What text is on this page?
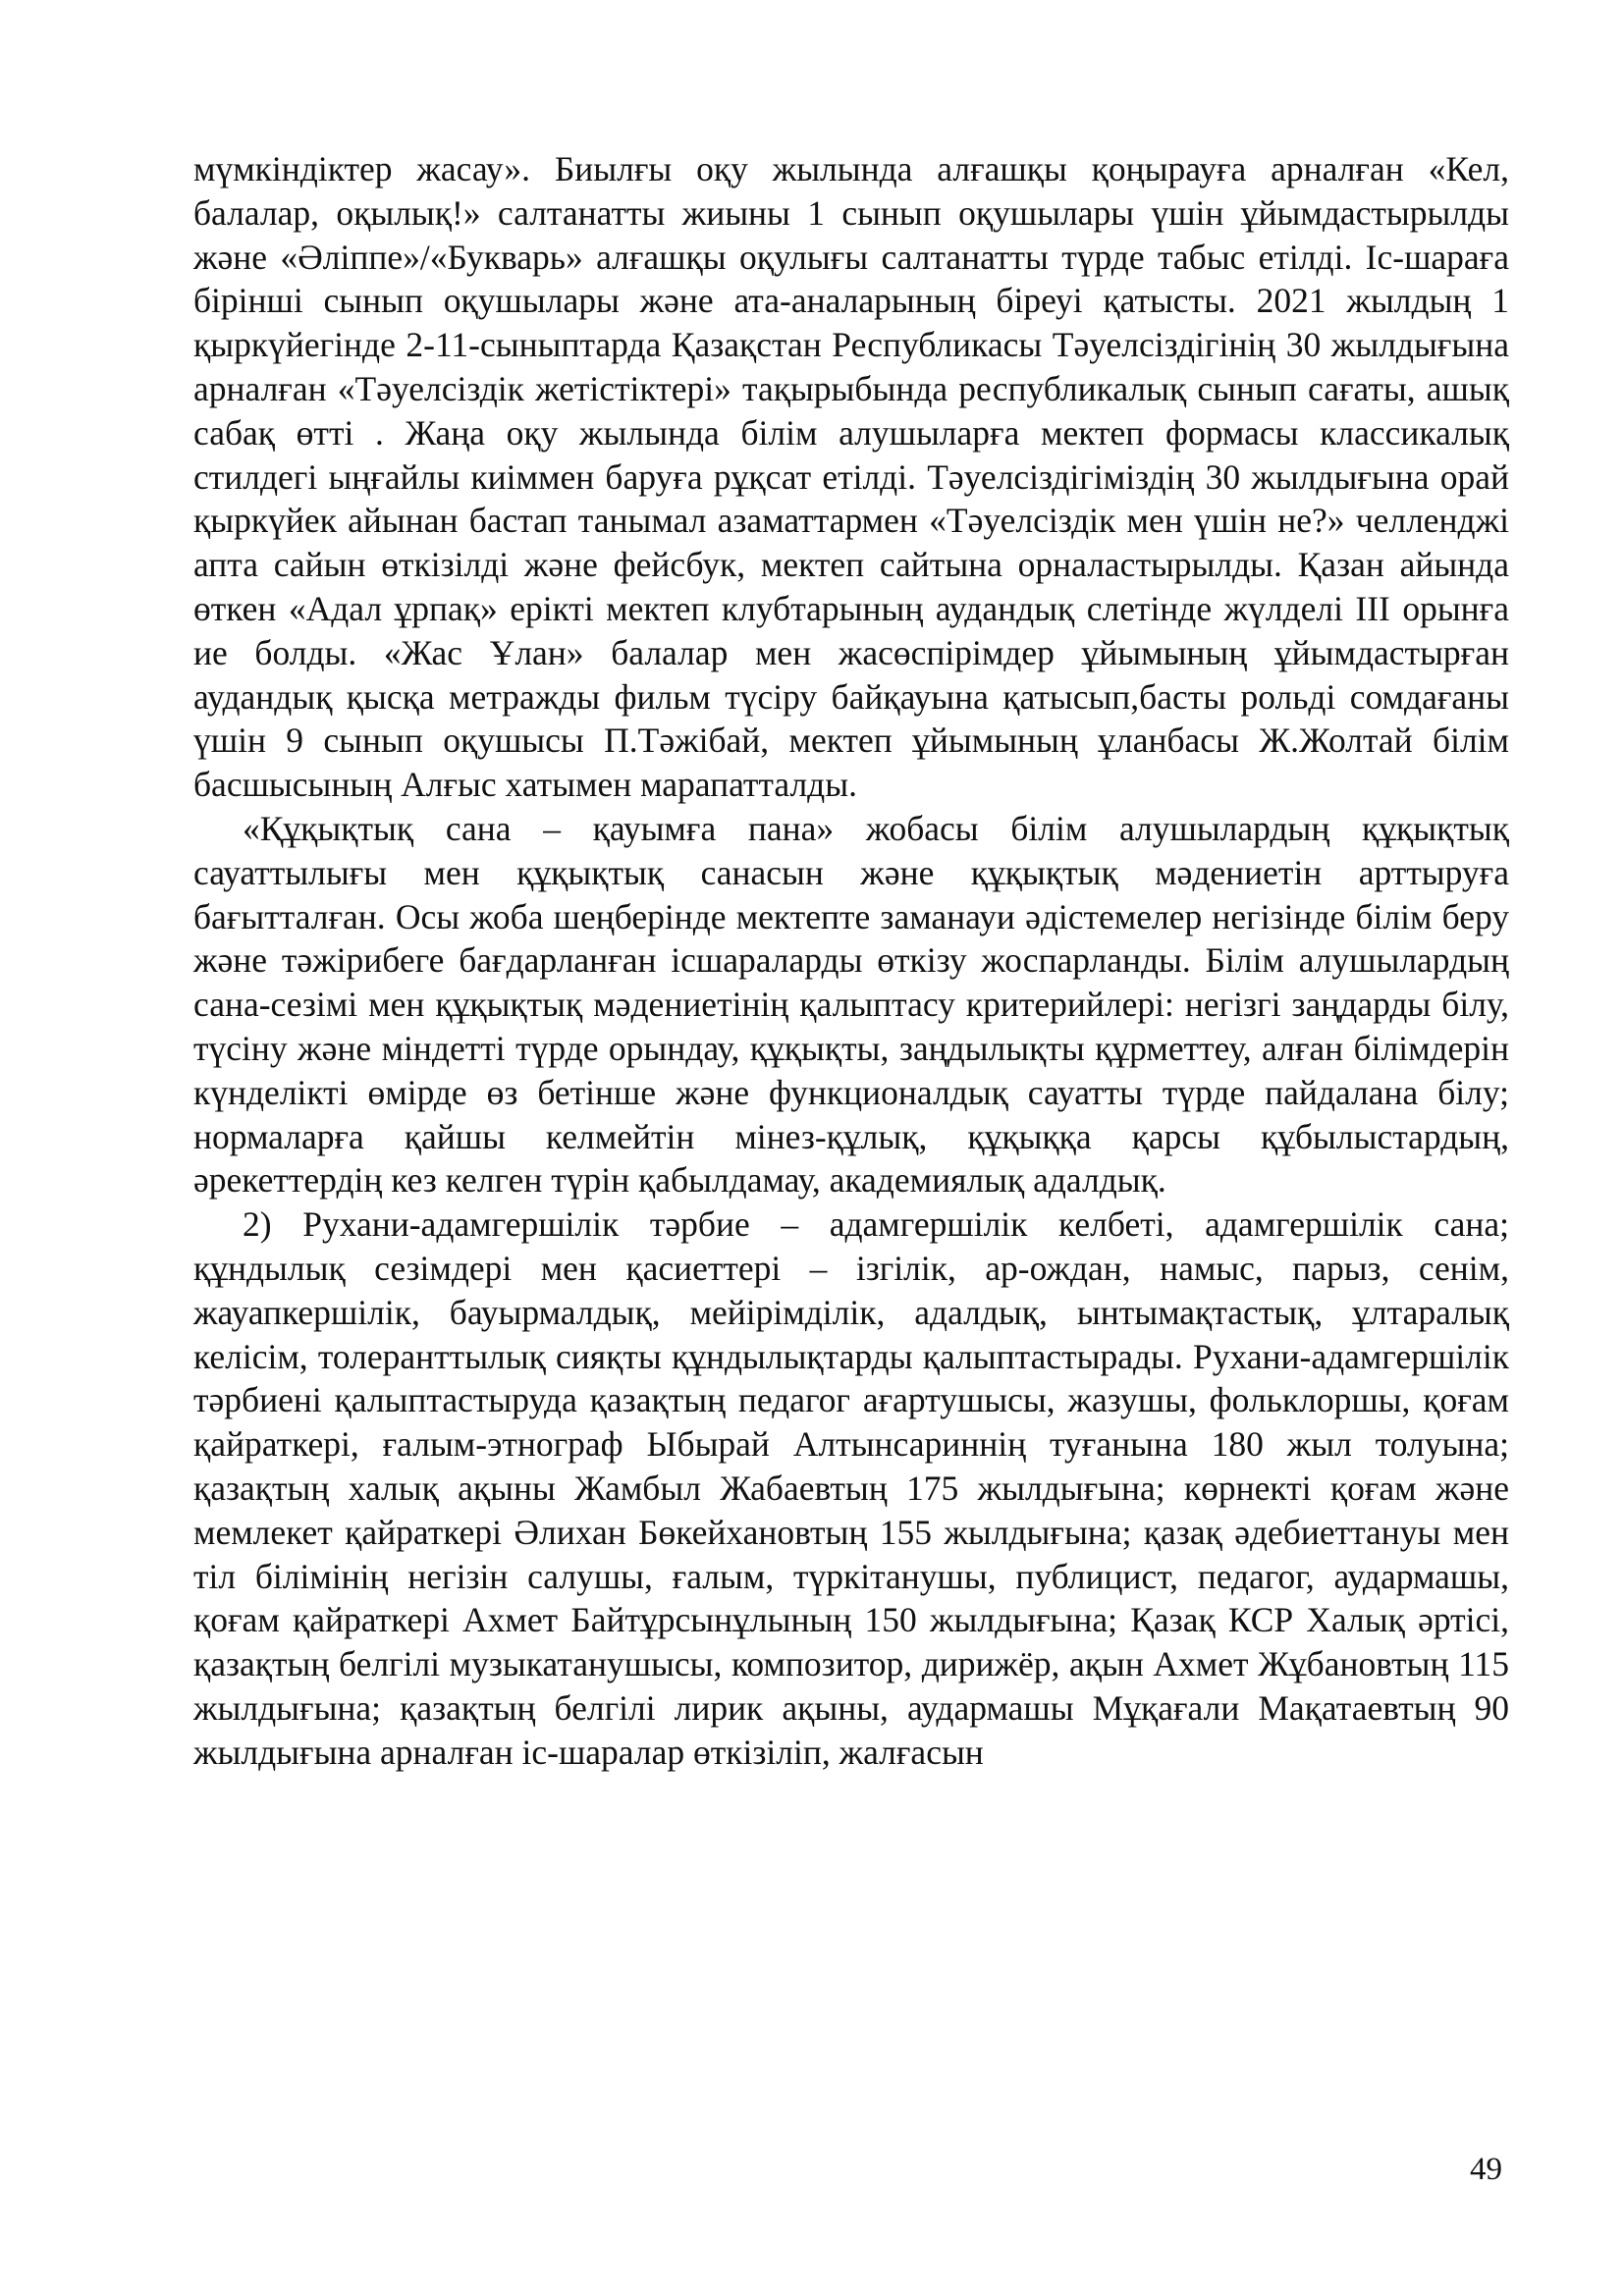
мүмкіндіктер жасау». Биылғы оқу жылында алғашқы қоңырауға арналған «Кел, балалар, оқылық!» салтанатты жиыны 1 сынып оқушылары үшін ұйымдастырылды және «Әліппе»/«Букварь» алғашқы оқулығы салтанатты түрде табыс етілді. Іс-шараға бірінші сынып оқушылары және ата-аналарының біреуі қатысты. 2021 жылдың 1 қыркүйегінде 2-11-сыныптарда Қазақстан Республикасы Тәуелсіздігінің 30 жылдығына арналған «Тәуелсіздік жетістіктері» тақырыбында республикалық сынып сағаты, ашық сабақ өтті . Жаңа оқу жылында білім алушыларға мектеп формасы классикалық стилдегі ыңғайлы киіммен баруға рұқсат етілді. Тәуелсіздігіміздің 30 жылдығына орай қыркүйек айынан бастап танымал азаматтармен «Тәуелсіздік мен үшін не?» челленджі апта сайын өткізілді және фейсбук, мектеп сайтына орналастырылды. Қазан айында өткен «Адал ұрпақ» ерікті мектеп клубтарының аудандық слетінде жүлделі ІІІ орынға ие болды. «Жас Ұлан» балалар мен жасөспірімдер ұйымының ұйымдастырған аудандық қысқа метражды фильм түсіру байқауына қатысып,басты рольді сомдағаны үшін 9 сынып оқушысы П.Тәжібай, мектеп ұйымының ұланбасы Ж.Жолтай білім басшысының Алғыс хатымен марапатталды.

«Құқықтық сана – қауымға пана» жобасы білім алушылардың құқықтық сауаттылығы мен құқықтық санасын және құқықтық мәдениетін арттыруға бағытталған. Осы жоба шеңберінде мектепте заманауи әдістемелер негізінде білім беру және тәжірибеге бағдарланған ісшараларды өткізу жоспарланды. Білім алушылардың сана-сезімі мен құқықтық мәдениетінің қалыптасу критерийлері: негізгі заңдарды білу, түсіну және міндетті түрде орындау, құқықты, заңдылықты құрметтеу, алған білімдерін күнделікті өмірде өз бетінше және функционалдық сауатты түрде пайдалана білу; нормаларға қайшы келмейтін мінез-құлық, құқыққа қарсы құбылыстардың, әрекеттердің кез келген түрін қабылдамау, академиялық адалдық.

2) Рухани-адамгершілік тәрбие – адамгершілік келбеті, адамгершілік сана; құндылық сезімдері мен қасиеттері – ізгілік, ар-ождан, намыс, парыз, сенім, жауапкершілік, бауырмалдық, мейірімділік, адалдық, ынтымақтастық, ұлтаралық келісім, толеранттылық сияқты құндылықтарды қалыптастырады. Рухани-адамгершілік тәрбиені қалыптастыруда қазақтың педагог ағартушысы, жазушы, фольклоршы, қоғам қайраткері, ғалым-этнограф Ыбырай Алтынсариннің туғанына 180 жыл толуына; қазақтың халық ақыны Жамбыл Жабаевтың 175 жылдығына; көрнекті қоғам және мемлекет қайраткері Әлихан Бөкейхановтың 155 жылдығына; қазақ әдебиеттануы мен тіл білімінің негізін салушы, ғалым, түркітанушы, публицист, педагог, аудармашы, қоғам қайраткері Ахмет Байтұрсынұлының 150 жылдығына; Қазақ КСР Халық әртісі, қазақтың белгілі музыкатанушысы, композитор, дирижёр, ақын Ахмет Жұбановтың 115 жылдығына; қазақтың белгілі лирик ақыны, аудармашы Мұқағали Мақатаевтың 90 жылдығына арналған іс-шаралар өткізіліп, жалғасын

49
